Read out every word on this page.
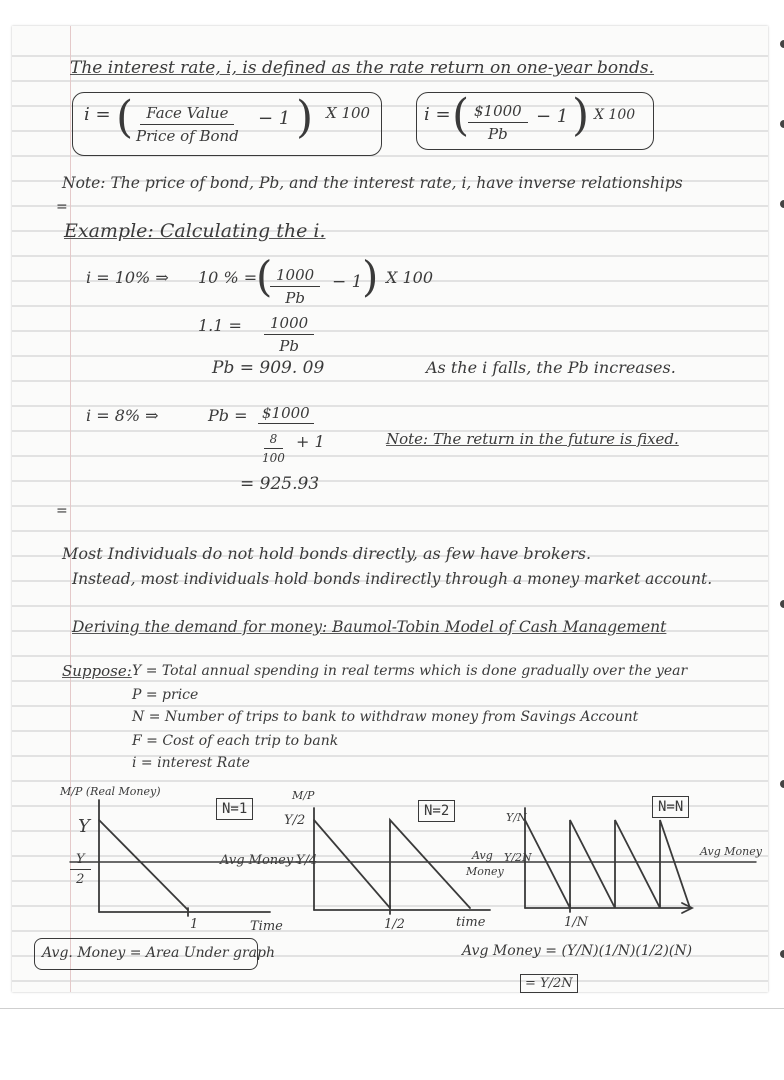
The interest rate, i, is defined as the rate return on one-year bonds.
i = ( Face Value
Price of Bond
− 1 ) X 100	i = (
$\frac{\$1000}{Pb} - 1$ ) X 100
Note: The price of bond, Pb, and the interest rate, i, have inverse relationships
=
Example: Calculating the i.
i = 10% ⇒ 10 % =
(
$\frac{1000}{Pb} - 1$ ) X 100
$1.1 = \frac{1000}{Pb}$
Pb = 909. 09	As the i falls, the Pb increases.
i = 8% ⇒	Pb = $1000
$\frac{8}{100} + 1$
= 925.93
Note: The return in the future is fixed.
=
Most Individuals do not hold bonds directly, as few have brokers.
Instead, most individuals hold bonds indirectly through a money market account.
Deriving the demand for money: Baumol-Tobin Model of Cash Management
Suppose: Y = Total annual spending in real terms which is done gradually over the year
P = price
N = Number of trips to bank to withdraw money from Savings Account
F = Cost of each trip to bank
i = interest Rate
M/P (Real Money)
Y
$\frac{Y}{2}$
N=1
Avg Money
1	Time
M/P
Y/2
Y/4
N=2
Avg
Money
1/2	time
Y/N
Y/2N
N=N
Avg Money
1/N
Avg. Money = Area Under graph	Avg Money = (Y/N)(1/N)(1/2)(N)
= Y/2N
